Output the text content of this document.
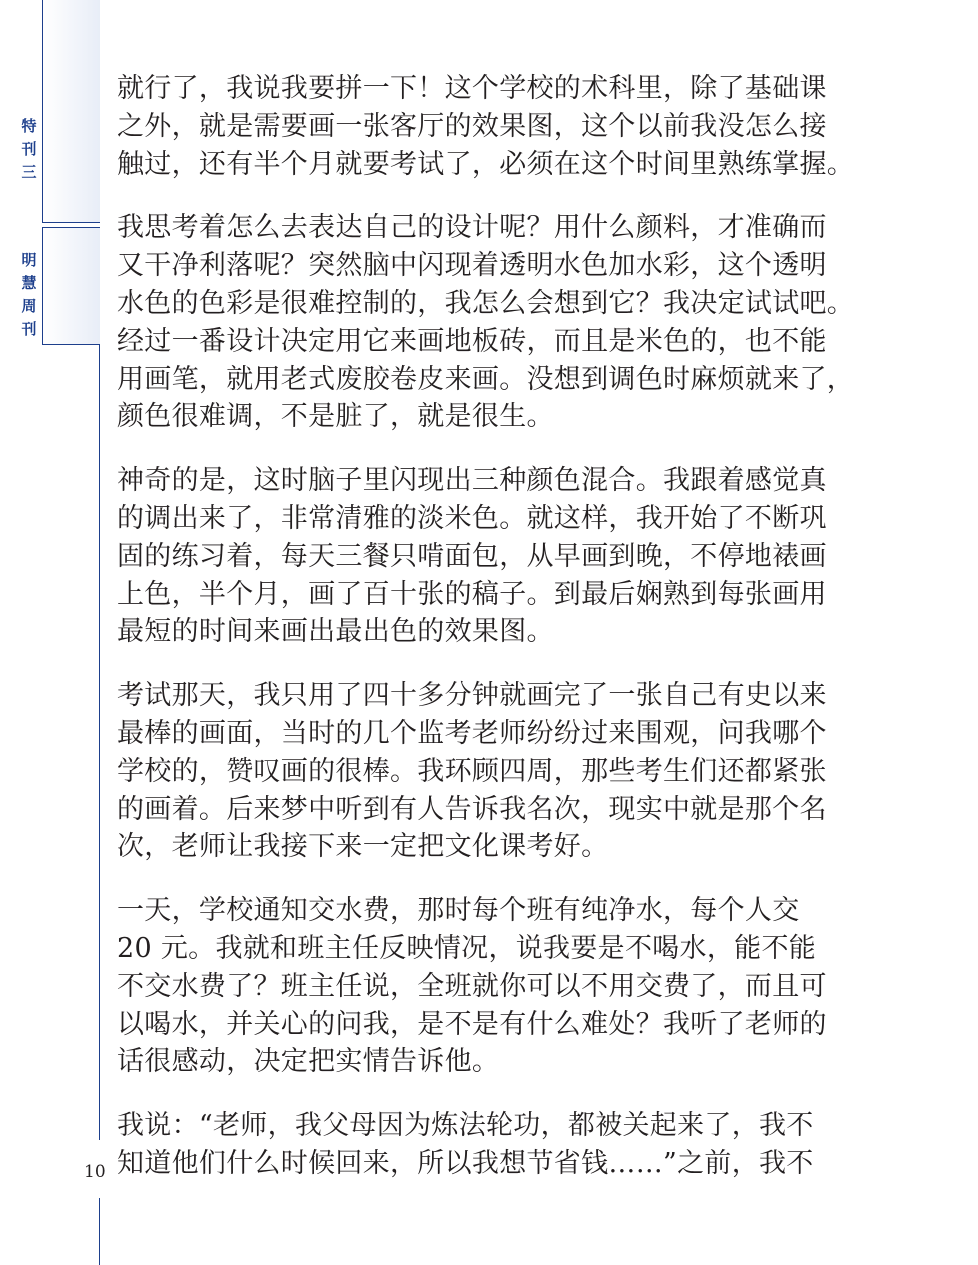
特
刊
三
明
慧
周
刊
10

就行了，我说我要拼一下！这个学校的术科里，除了基础课
之外，就是需要画一张客厅的效果图，这个以前我没怎么接
触过，还有半个月就要考试了，必须在这个时间里熟练掌握。

我思考着怎么去表达自己的设计呢？用什么颜料，才准确而
又干净利落呢？突然脑中闪现着透明水色加水彩，这个透明
水色的色彩是很难控制的，我怎么会想到它？我决定试试吧。
经过一番设计决定用它来画地板砖，而且是米色的，也不能
用画笔，就用老式废胶卷皮来画。没想到调色时麻烦就来了，
颜色很难调，不是脏了，就是很生。

神奇的是，这时脑子里闪现出三种颜色混合。我跟着感觉真
的调出来了，非常清雅的淡米色。就这样，我开始了不断巩
固的练习着，每天三餐只啃面包，从早画到晚，不停地裱画
上色，半个月，画了百十张的稿子。到最后娴熟到每张画用
最短的时间来画出最出色的效果图。

考试那天，我只用了四十多分钟就画完了一张自己有史以来
最棒的画面，当时的几个监考老师纷纷过来围观，问我哪个
学校的，赞叹画的很棒。我环顾四周，那些考生们还都紧张
的画着。后来梦中听到有人告诉我名次，现实中就是那个名
次，老师让我接下来一定把文化课考好。

一天，学校通知交水费，那时每个班有纯净水，每个人交
20 元。我就和班主任反映情况，说我要是不喝水，能不能
不交水费了？班主任说，全班就你可以不用交费了，而且可
以喝水，并关心的问我，是不是有什么难处？我听了老师的
话很感动，决定把实情告诉他。

我说：“老师，我父母因为炼法轮功，都被关起来了，我不
知道他们什么时候回来，所以我想节省钱……”之前，我不
